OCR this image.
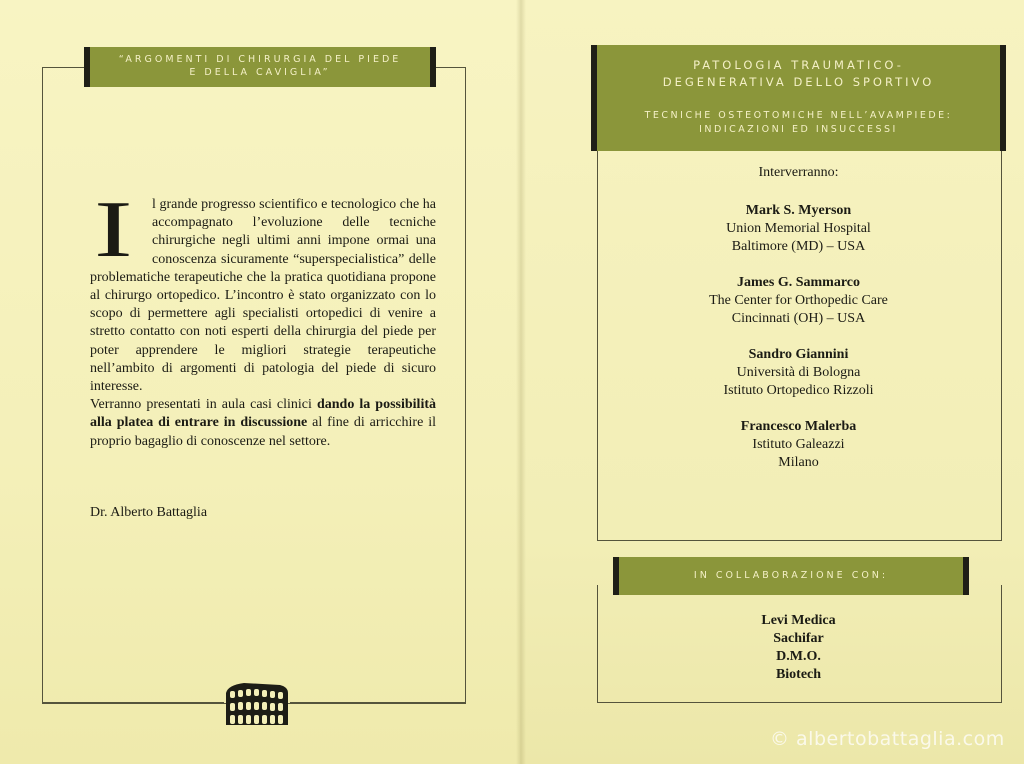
“ARGOMENTI DI CHIRURGIA DEL PIEDE
E DELLA CAVIGLIA”
I	l grande progresso scientifico e tecnologico che ha accompagnato l’evoluzione delle tecniche chirurgiche negli ultimi anni impone ormai una conoscenza sicuramente “superspecialistica” delle problematiche terapeutiche che la pratica quotidiana propone al chirurgo ortopedico. L’incontro è stato organizzato con lo scopo di permettere agli specialisti ortopedici di venire a stretto contatto con noti esperti della chirurgia del piede per poter apprendere le migliori strategie terapeutiche nell’ambito di argomenti di patologia del piede di sicuro interesse.

Verranno presentati in aula casi clinici dando la possibilità alla platea di entrare in discussione al fine di arricchire il proprio bagaglio di conoscenze nel settore.

Dr. Alberto Battaglia
PATOLOGIA TRAUMATICO-
DEGENERATIVA DELLO SPORTIVO
TECNICHE OSTEOTOMICHE NELL’AVAMPIEDE:
INDICAZIONI ED INSUCCESSI
Interverranno:
Mark S. Myerson
Union Memorial Hospital
Baltimore (MD) – USA
James G. Sammarco
The Center for Orthopedic Care
Cincinnati (OH) – USA
Sandro Giannini
Università di Bologna
Istituto Ortopedico Rizzoli
Francesco Malerba
Istituto Galeazzi
Milano
IN COLLABORAZIONE CON:
Levi Medica
Sachifar
D.M.O.
Biotech
© albertobattaglia.com
